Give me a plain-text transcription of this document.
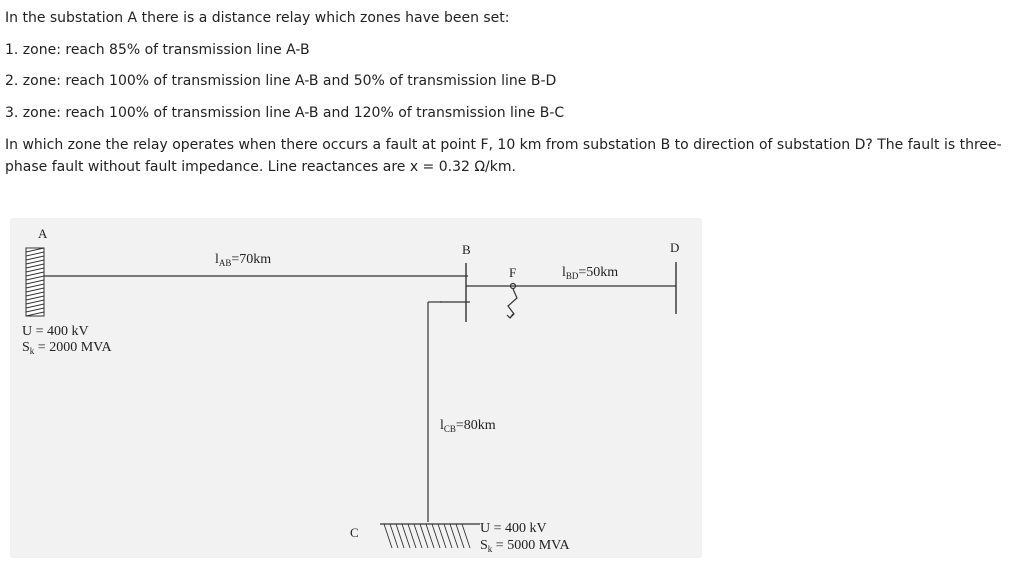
In the substation A there is a distance relay which zones have been set:
1. zone: reach 85% of transmission line A-B
2. zone: reach 100% of transmission line A-B and 50% of transmission line B-D
3. zone: reach 100% of transmission line A-B and 120% of transmission line B-C
In which zone the relay operates when there occurs a fault at point F, 10 km from substation B to direction of substation D? The fault is three-phase fault without fault impedance. Line reactances are x = 0.32 Ω/km.
A
B
C
D
F
$l_{AB}=70km$
$l_{BD}=50km$
$l_{CB}=80km$
U = 400 kV
$S_k = 2000$ MVA
U = 400 kV
$S_k = 5000$ MVA
